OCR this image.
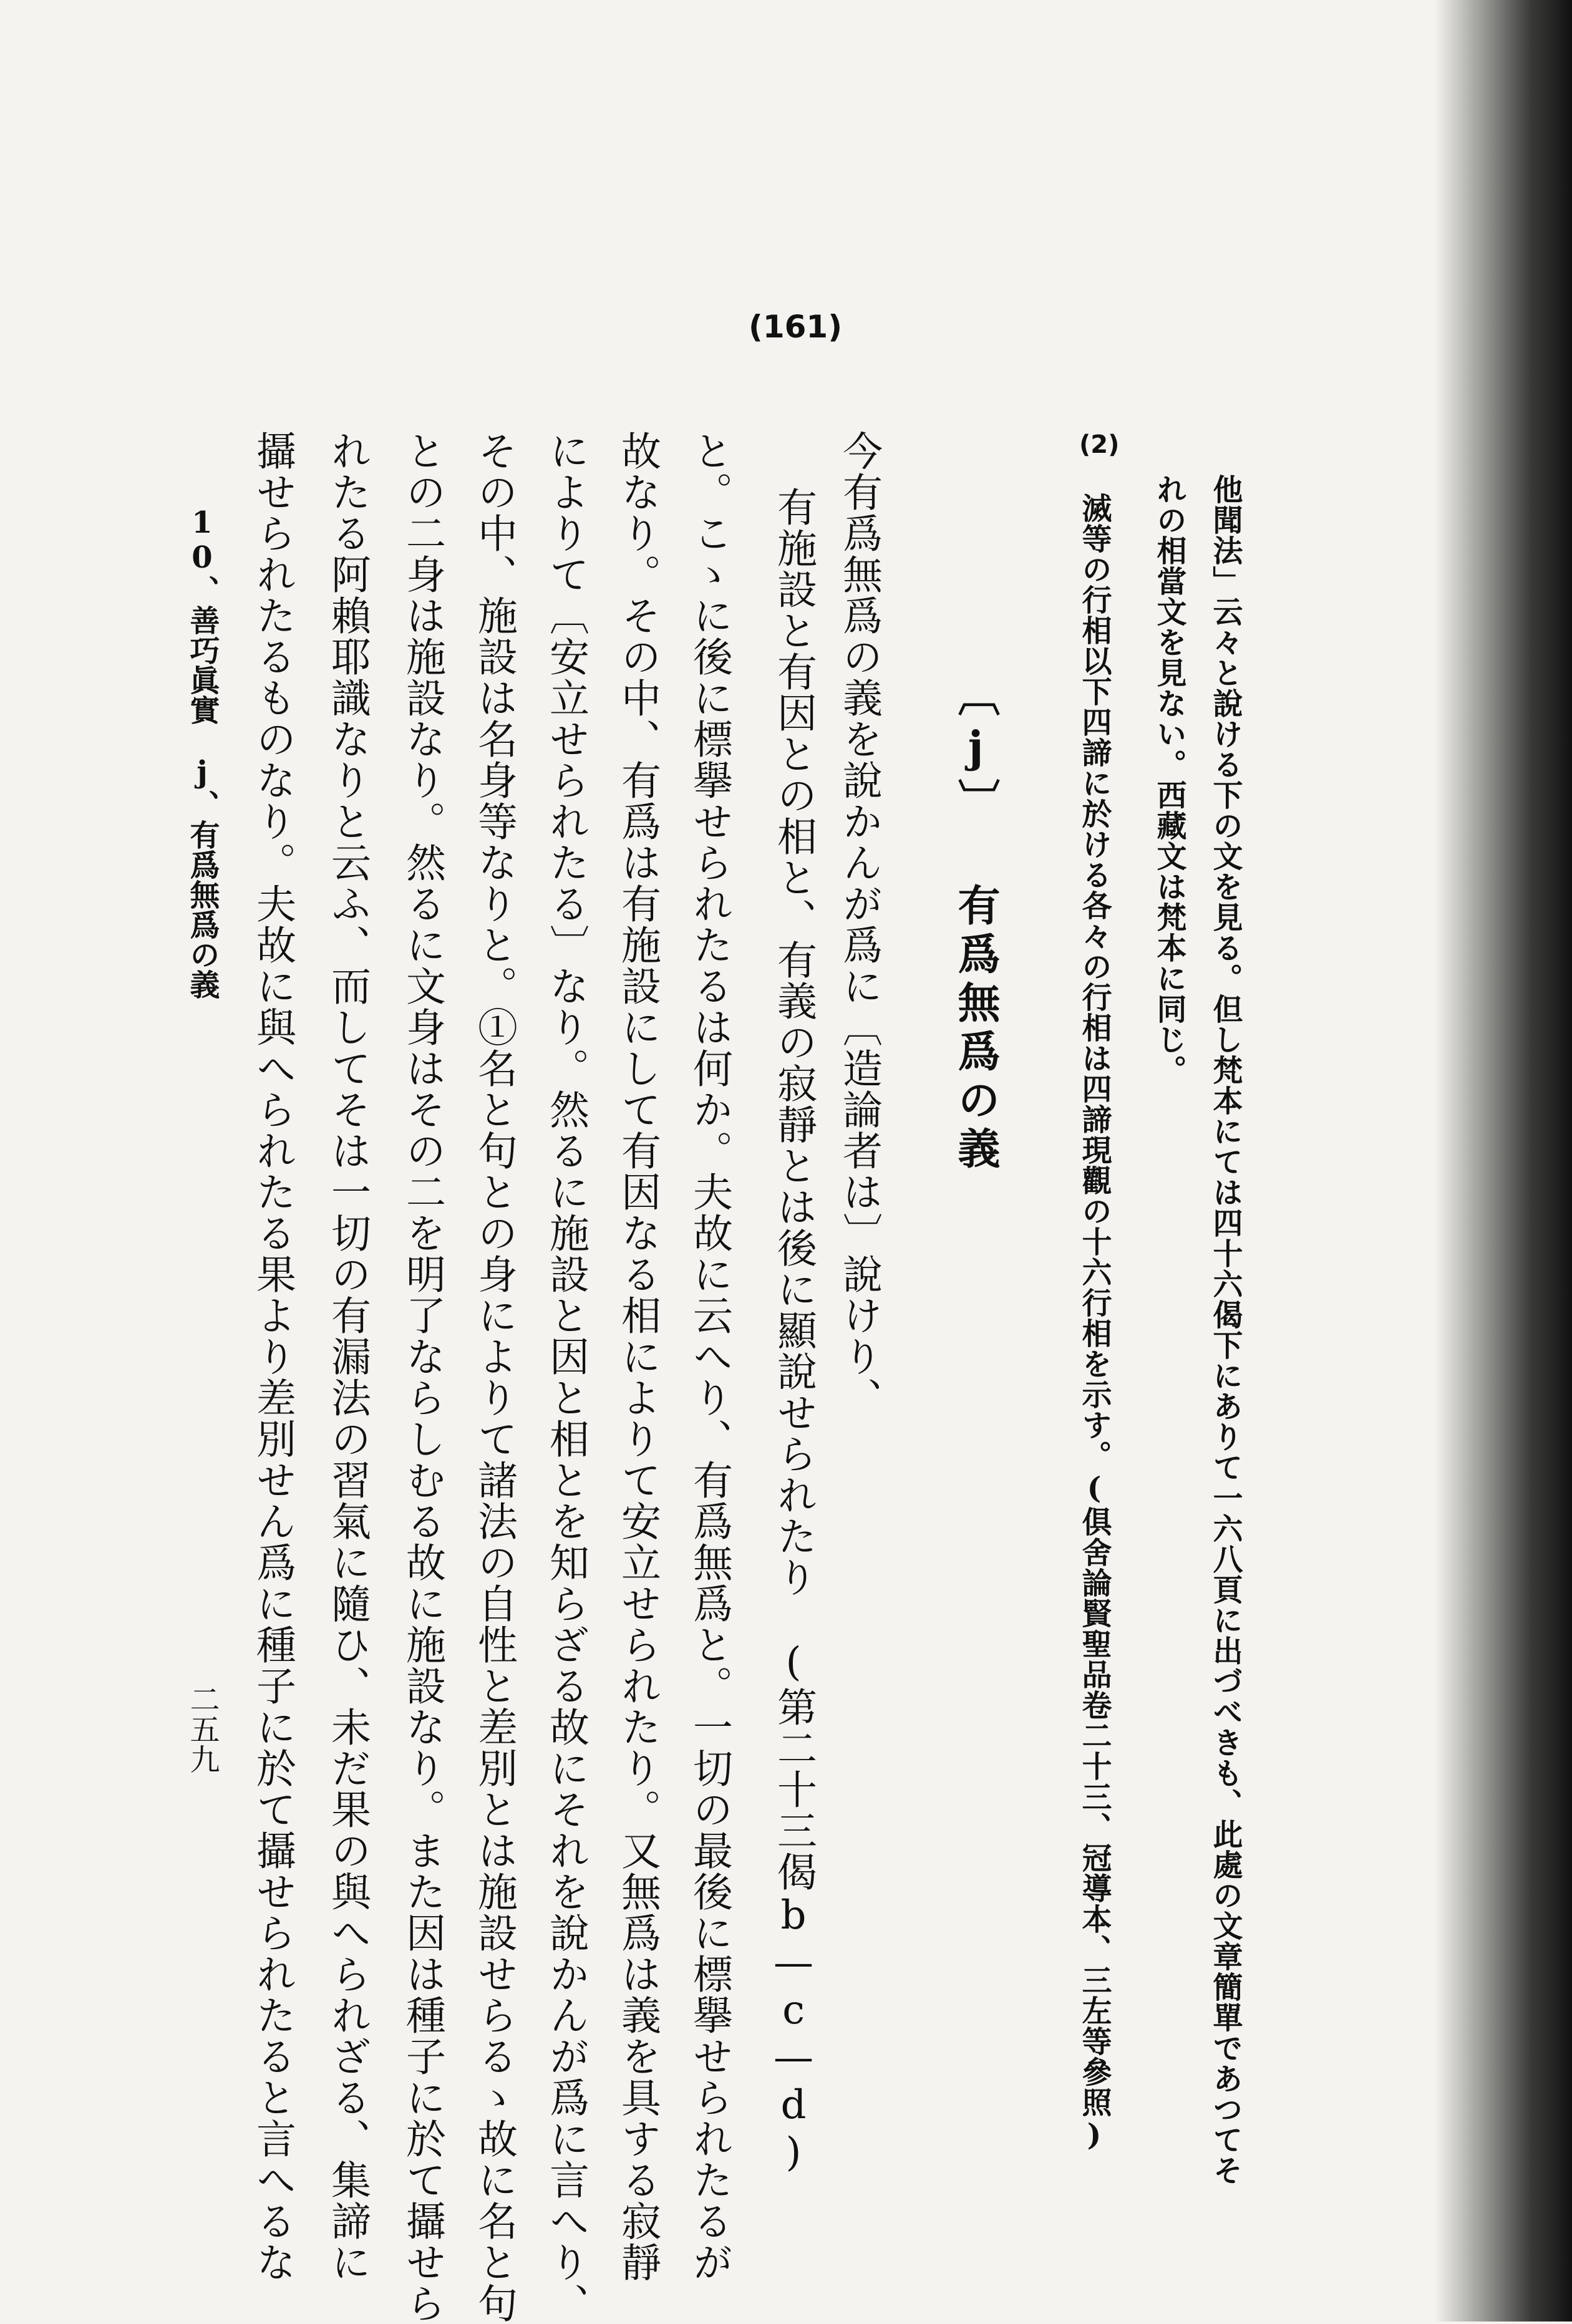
(161)
他聞法」云々と說ける下の文を見る。但し梵本にては四十六偈下にありて一六八頁に出づべきも、此處の文章簡單であつてそ
れの相當文を見ない。西藏文は梵本に同じ。
(2)
滅等の行相以下四諦に於ける各々の行相は四諦現觀の十六行相を示す。(俱舍論賢聖品卷二十三、冠導本、三左等參照)
〔j〕 有爲無爲の義
今有爲無爲の義を說かんが爲に〔造論者は〕說けり、
有施設と有因との相と、有義の寂靜とは後に顯說せられたり　(第二十三偈b—c—d)
と。こゝに後に標擧せられたるは何か。夫故に云へり、有爲無爲と。一切の最後に標擧せられたるが
故なり。その中、有爲は有施設にして有因なる相によりて安立せられたり。又無爲は義を具する寂靜
によりて〔安立せられたる〕なり。然るに施設と因と相とを知らざる故にそれを說かんが爲に言へり、
その中、施設は名身等なりと。①名と句との身によりて諸法の自性と差別とは施設せらるゝ故に名と句
との二身は施設なり。然るに文身はその二を明了ならしむる故に施設なり。また因は種子に於て攝せら
れたる阿賴耶識なりと云ふ、而してそは一切の有漏法の習氣に隨ひ、未だ果の與へられざる、集諦に
攝せられたるものなり。夫故に與へられたる果より差別せん爲に種子に於て攝せられたると言へるな
10、善巧眞實　j、有爲無爲の義
二五九
